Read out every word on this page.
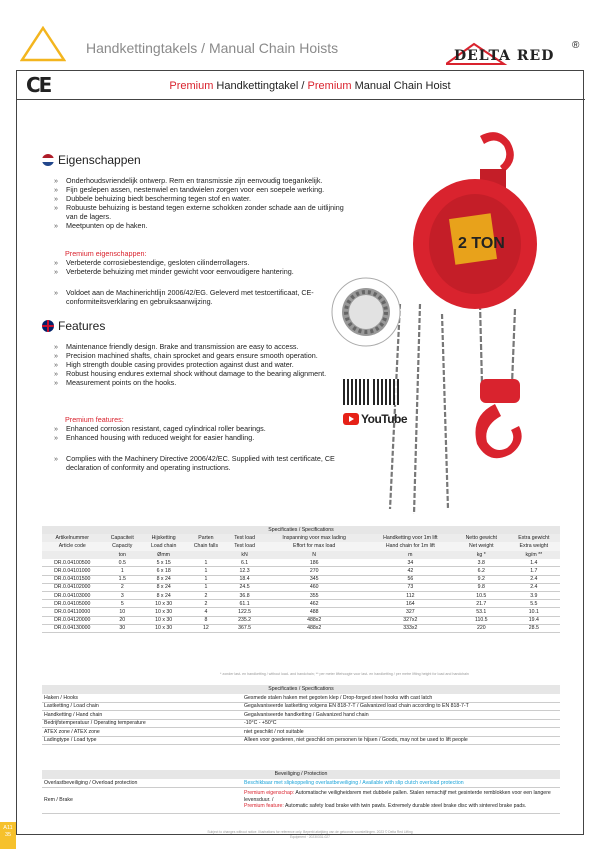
Handkettingtakels / Manual Chain Hoists	DELTA RED
®
CE	Premium Handkettingtakel / Premium Manual Chain Hoist
Eigenschappen
» Onderhoudsvriendelijk ontwerp. Rem en transmissie zijn eenvoudig toegankelijk.
» Fijn geslepen assen, nestenwiel en tandwielen zorgen voor een soepele werking.
» Dubbele behuizing biedt bescherming tegen stof en water.
» Robuuste behuizing is bestand tegen externe schokken zonder schade aan de uitlijning van de lagers.
» Meetpunten op de haken.
Premium eigenschappen:
» Verbeterde corrosiebestendige, gesloten cilinderrollagers.
» Verbeterde behuizing met minder gewicht voor eenvoudigere hantering.
» Voldoet aan de Machinerichtlijn 2006/42/EG. Geleverd met testcertificaat, CE-conformiteitsverklaring en gebruiksaanwijzing.
Features
» Maintenance friendly design. Brake and transmission are easy to access.
» Precision machined shafts, chain sprocket and gears ensure smooth operation.
» High strength double casing provides protection against dust and water.
» Robust housing endures external shock without damage to the bearing alignment.
» Measurement points on the hooks.
Premium features:
» Enhanced corrosion resistant, caged cylindrical roller bearings.
» Enhanced housing with reduced weight for easier handling.
» Complies with the Machinery Directive 2006/42/EC. Supplied with test certificate, CE declaration of conformity and operating instructions.
2 TON
YouTube
Specificaties / Specifications								
Artikelnummer	Capaciteit	Hijsketting	Parten	Test load	Inspanning voor max lading	Handketting voor 1m lift	Netto gewicht	Extra gewicht
Article code	Capacity	Load chain	Chain falls	Test load	Effort for max load	Hand chain for 1m lift	Net weight	Extra weight
	ton	Ømm		kN	N	m	kg *	kg/m **
DR.0.04100500	0.5	5 x 15	1	6.1	186	34	3.8	1.4
DR.0.04101000	1	6 x 18	1	12.3	270	42	6.2	1.7
DR.0.04101500	1.5	8 x 24	1	18.4	345	56	9.2	2.4
DR.0.04102000	2	8 x 24	1	24.5	460	73	9.8	2.4
DR.0.04103000	3	8 x 24	2	36.8	355	112	10.5	3.9
DR.0.04105000	5	10 x 30	2	61.1	462	164	21.7	5.5
DR.0.04110000	10	10 x 30	4	122.5	488	327	53.1	10.1
DR.0.04120000	20	10 x 30	8	235.2	488x2	327x2	110.5	19.4
DR.0.04130000	30	10 x 30	12	367.5	488x2	333x2	220	28.5
* zonder last- en handketting / without load- and handchain; ** per meter liftehoogte voor last- en handketting / per metre lifting height for load and handchain
Specificaties / Specifications	
Haken / Hooks	Gesmede stalen haken met gegoten klep / Drop-forged steel hooks with cast latch
Lastketting / Load chain	Gegalvaniseerde lastketting volgens EN 818-7-T / Galvanized load chain according to EN 818-7-T
Handketting / Hand chain	Gegalvaniseerde handketting / Galvanized hand chain
Bedrijfstemperatuur / Operating temperature	-10°C - +50°C
ATEX zone / ATEX zone	niet geschikt / not suitable
Ladingtype / Load type	Alleen voor goederen, niet geschikt om personen te hijsen / Goods, may not be used to lift people
Beveiliging / Protection	
Overlastbeveiliging / Overload protection	Beschikbaar met slipkoppeling overlastbeveiliging / Available with slip clutch overload protection
Rem / Brake	Premium eigenschap: Automatische veiligheidsrem met dubbele pallen. Stalen remschijf met gesinterde remblokken voor een langere levensduur. /
Premium feature: Automatic safety load brake with twin pawls. Extremely durable steel brake disc with sintered brake pads.
A11
35	Subject to changes without notice. Illustrations for reference only. Beperkt afwijking van de getoonde voorstellingen. 2023 © Delta Red Lifting Equipment · 20230331-027
